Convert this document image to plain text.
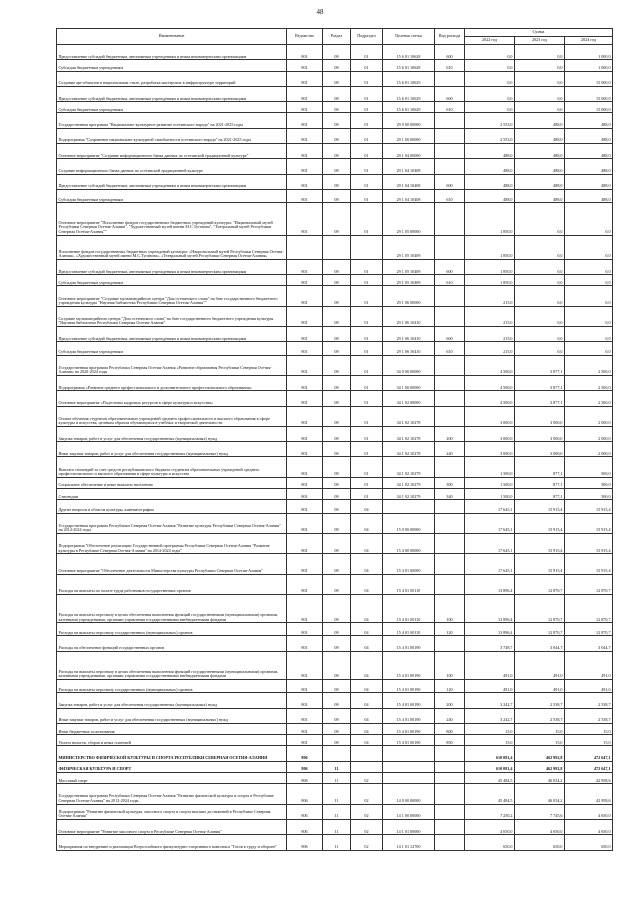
48
Наименование	Ведомство	Раздел	Подраздел	Целевая статья	Вид расхода	Сумма		
						2022 год	2023 год	2024 год
Предоставление субсидий бюджетным, автономным учреждениям и иным некоммерческим организациям	801	08	01	15 6 01 10628	600	0,0	0,0	1 000,0
Субсидии бюджетным учреждениям	801	08	01	15 6 01 10628	610	0,0	0,0	1 000,0
Создание арт-объектов в национальном стиле, разработка мастерских в инфраструктуре территорий	801	08	01	15 6 01 10629		0,0	0,0	15 000,0
Предоставление субсидий бюджетным, автономным учреждениям и иным некоммерческим организациям	801	08	01	15 6 01 10629	600	0,0	0,0	15 000,0
Субсидии бюджетным учреждениям	801	08	01	15 6 01 10629	610	0,0	0,0	15 000,0
Государственная программа "Национально-культурное развитие осетинского народа" на 2021-2025 годы	801	08	01	29 0 00 00000		2 553,0	488,0	488,0
Подпрограмма "Сохранение национально-культурной самобытности осетинского народа" на 2021-2025 годы	801	08	01	29 1 00 00000		2 553,0	488,0	488,0
Основное мероприятие "Создание информационного банка данных по осетинской традиционной культуре"	801	08	01	29 1 04 00000		488,0	488,0	488,0
Создание информационного банка данных по осетинской традиционной культуре	801	08	01	29 1 04 10408		488,0	488,0	488,0
Предоставление субсидий бюджетным, автономным учреждениям и иным некоммерческим организациям	801	08	01	29 1 04 10408	600	488,0	488,0	488,0
Субсидии бюджетным учреждениям	801	08	01	29 1 04 10408	610	488,0	488,0	488,0
Основное мероприятие "Пополнение фондов государственных бюджетных учреждений культуры: "Национальный музей Республики Северная Осетия-Алания", "Художественный музей имени М.С.Туганова", "Театральный музей Республики Северная Осетия-Алания""	801	08	01	29 1 05 00000		1 850,0	0,0	0,0
Пополнение фондов государственных бюджетных учреждений культуры: «Национальный музей Республики Северная Осетия-Алания», «Художественный музей имени М.С.Туганова», «Театральный музей Республики Северная Осетия-Алания»				29 1 05 10409		1 850,0	0,0	0,0
Предоставление субсидий бюджетным, автономным учреждениям и иным некоммерческим организациям	801	08	01	29 1 05 10409	600	1 850,0	0,0	0,0
Субсидии бюджетным учреждениям	801	08	01	29 1 05 10409	610	1 850,0	0,0	0,0
Основное мероприятие "Создание мультимедийного центра "Дом осетинского слова" на базе государственного бюджетного учреждения культуры "Научная библиотека Республики Северная Осетия-Алания""	801	08	01	29 1 06 00000		215,0	0,0	0,0
Создание мультимедийного центра "Дом осетинского слова" на базе государственного бюджетного учреждения культуры "Научная библиотека Республики Северная Осетия-Алания"	801	08	01	29 1 06 10410		215,0	0,0	0,0
Предоставление субсидий бюджетным, автономным учреждениям и иным некоммерческим организациям	801	08	01	29 1 06 10410	600	215,0	0,0	0,0
Субсидии бюджетным учреждениям	801	08	01	29 1 06 10410	610	215,0	0,0	0,0
Государственная программа Республики Северная Осетия-Алания «Развитие образования Республики Северная Осетия-Алания» на 2020-2024 годы	801	08	01	34 0 00 00000		4 500,0	3 877,1	2 500,0
Подпрограмма «Развитие среднего профессионального и дополнительного профессионального образования»	801	08	01	34 1 00 00000		4 500,0	3 877,1	2 500,0
Основное мероприятие «Подготовка кадровых ресурсов в сфере культуры и искусства»	801	08	01	34 1 02 00000		4 500,0	3 877,1	2 500,0
Оплата обучения студентов образовательных учреждений среднего профессионального и высшего образования в сфере культуры и искусства, целевым образом обучающихся в учебных и творческой деятельности	801	08	01	34 1 02 10278		3 000,0	3 000,0	2 000,0
Закупка товаров, работ и услуг для обеспечения государственных (муниципальных) нужд	801	08	01	34 1 02 10278	200	3 000,0	3 000,0	2 000,0
Иные закупки товаров, работ и услуг для обеспечения государственных (муниципальных) нужд	801	08	01	34 1 02 10278	240	3 000,0	3 000,0	2 000,0
Выплата стипендий за счет средств республиканского бюджета студентам образовательных учреждений среднего профессионального и высшего образования в сфере культуры и искусства	801	08	01	34 1 02 10279		1 500,0	877,1	500,0
Социальное обеспечение и иные выплаты населению	801	08	01	34 1 02 10279	300	1 500,0	877,1	500,0
Стипендии	801	08	01	34 1 02 10279	340	1 500,0	877,1	500,0
Другие вопросы в области культуры, кинематографии	801	08	04			17 645,1	15 915,4	15 915,4
Государственная программа Республики Северная Осетия-Алания "Развитие культуры Республики Северная Осетия-Алания" на 2014-2024 годы	801	08	04	15 0 00 00000		17 645,1	15 915,4	15 915,4
Подпрограмма "Обеспечение реализации Государственной программы Республики Северная Осетия-Алания "Развитие культуры в Республике Северная Осетия-Алания" на 2014-2024 годы"	801	08	04	15 4 00 00000		17 645,1	15 915,4	15 915,4
Основное мероприятие "Обеспечение деятельности Министерства культуры Республики Северная Осетия-Алания"	801	08	04	15 4 01 00000		17 645,1	15 915,4	15 915,4
Расходы на выплаты по оплате труда работников государственных органов	801	08	04	15 4 01 00110		13 896,4	12 870,7	12 870,7
Расходы на выплаты персоналу в целях обеспечения выполнения функций государственными (муниципальными) органами, казенными учреждениями, органами управления государственными внебюджетными фондами	801	08	04	15 4 01 00110	100	13 896,4	12 870,7	12 870,7
Расходы на выплаты персоналу государственных (муниципальных) органов	801	08	04	15 4 01 00110	120	13 896,4	12 870,7	12 870,7
Расходы на обеспечение функций государственных органов	801	08	04	15 4 01 00190		3 748,7	3 044,7	3 044,7
Расходы на выплаты персоналу в целях обеспечения выполнения функций государственными (муниципальными) органами, казенными учреждениями, органами управления государственными внебюджетными фондами	801	08	04	15 4 01 00190	100	491,0	491,0	491,0
Расходы на выплаты персоналу государственных (муниципальных) органов	801	08	04	15 4 01 00190	120	491,0	491,0	491,0
Закупка товаров, работ и услуг для обеспечения государственных (муниципальных) нужд	801	08	04	15 4 01 00190	200	3 242,7	2 538,7	2 538,7
Иные закупки товаров, работ и услуг для обеспечения государственных (муниципальных) нужд	801	08	04	15 4 01 00190	240	3 242,7	2 538,7	2 538,7
Иные бюджетные ассигнования	801	08	04	15 4 01 00190	800	15,0	15,0	15,0
Уплата налогов, сборов и иных платежей	801	08	04	15 4 01 00190	850	15,0	15,0	15,0
МИНИСТЕРСТВО ФИЗИЧЕСКОЙ КУЛЬТУРЫ И СПОРТА РЕСПУБЛИКИ СЕВЕРНАЯ ОСЕТИЯ-АЛАНИЯ	806					610 081,4	462 992,8	472 647,1
ФИЗИЧЕСКАЯ КУЛЬТУРА И СПОРТ	806	11				610 081,4	462 992,8	472 647,1
Массовый спорт	806	11	02			45 484,5	46 054,2	42 958,6
Государственная программа Республики Северная Осетия-Алания "Развитие физической культуры и спорта в Республике Северная Осетия-Алания" на 2012-2024 годы	806	11	02	14 0 00 00000		45 484,5	46 054,2	42 958,6
Подпрограмма "Развитие физической культуры, массового спорта и спорта высших достижений в Республике Северная Осетия-Алания"	806	11	02	14 1 00 00000		7 250,2	7 745,6	4 650,0
Основное мероприятие "Развитие массового спорта в Республике Северная Осетия-Алания"	806	11	02	14 1 01 00000		4 650,0	4 650,0	4 650,0
Мероприятия по внедрению и реализации Всероссийского физкультурно-спортивного комплекса "Готов к труду и обороне"	806	11	02	14 1 01 12700		650,0	650,0	650,0
